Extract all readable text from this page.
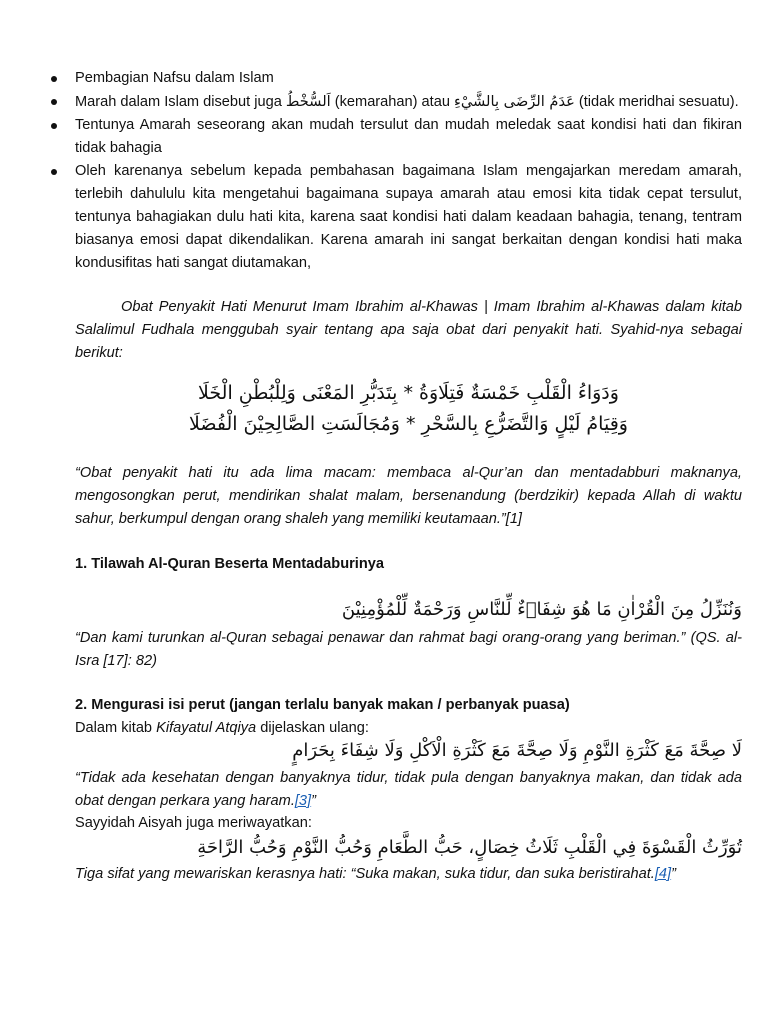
Pembagian Nafsu dalam Islam
Marah dalam Islam disebut juga اَلسُّخْطُ (kemarahan) atau عَدَمُ الرِّضَى بِالشَّيْءِ (tidak meridhai sesuatu).
Tentunya Amarah seseorang akan mudah tersulut dan mudah meledak saat kondisi hati dan fikiran tidak bahagia
Oleh karenanya sebelum kepada pembahasan bagaimana Islam mengajarkan meredam amarah, terlebih dahululu kita mengetahui bagaimana supaya amarah atau emosi kita tidak cepat tersulut, tentunya bahagiakan dulu hati kita, karena saat kondisi hati dalam keadaan bahagia, tenang, tentram biasanya emosi dapat dikendalikan. Karena amarah ini sangat berkaitan dengan kondisi hati maka kondusifitas hati sangat diutamakan,
Obat Penyakit Hati Menurut Imam Ibrahim al-Khawas | Imam Ibrahim al-Khawas dalam kitab Salalimul Fudhala menggubah syair tentang apa saja obat dari penyakit hati. Syahid-nya sebagai berikut:
وَدَوَاءُ الْقَلْبِ خَمْسَةٌ فَتِلَاوَةُ * بِتَدَبُّرِ المَعْنَى وَلِلْبُطْنِ الْخَلَا
وَقِيَامُ لَيْلٍ وَالتَّضَرُّعِ بِالسَّحْرِ * وَمُجَالَسَتِ الصَّالِحِيْنَ الْفُضَلَا
“Obat penyakit hati itu ada lima macam: membaca al-Qur’an dan mentadabburi maknanya, mengosongkan perut, mendirikan shalat malam, bersenandung (berdzikir) kepada Allah di waktu sahur, berkumpul dengan orang shaleh yang memiliki keutamaan.”[1]
1. Tilawah Al-Quran Beserta Mentadaburinya
وَنُنَزِّلُ مِنَ الْقُرْاٰنِ مَا هُوَ شِفَاۤءٌ لِّلنَّاسِ وَرَحْمَةٌ لِّلْمُؤْمِنِيْنَ
“Dan kami turunkan al-Quran sebagai penawar dan rahmat bagi orang-orang yang beriman.” (QS. al-Isra [17]: 82)
2. Mengurasi isi perut (jangan terlalu banyak makan / perbanyak puasa)
Dalam kitab Kifayatul Atqiya dijelaskan ulang:
لَا صِحَّةَ مَعَ كَثْرَةِ النَّوْمِ وَلَا صِحَّةَ مَعَ كَثْرَةِ الْاَكْلِ وَلَا شِفَاءَ بِحَرَامٍ
“Tidak ada kesehatan dengan banyaknya tidur, tidak pula dengan banyaknya makan, dan tidak ada obat dengan perkara yang haram.[3]”
Sayyidah Aisyah juga meriwayatkan:
تُوَرِّثُ الْقَسْوَةَ فِي الْقَلْبِ ثَلَاثُ خِصَالٍ، حَبُّ الطَّعَامِ وَحُبُّ النَّوْمِ وَحُبُّ الرَّاحَةِ
Tiga sifat yang mewariskan kerasnya hati: “Suka makan, suka tidur, dan suka beristirahat.[4]”
